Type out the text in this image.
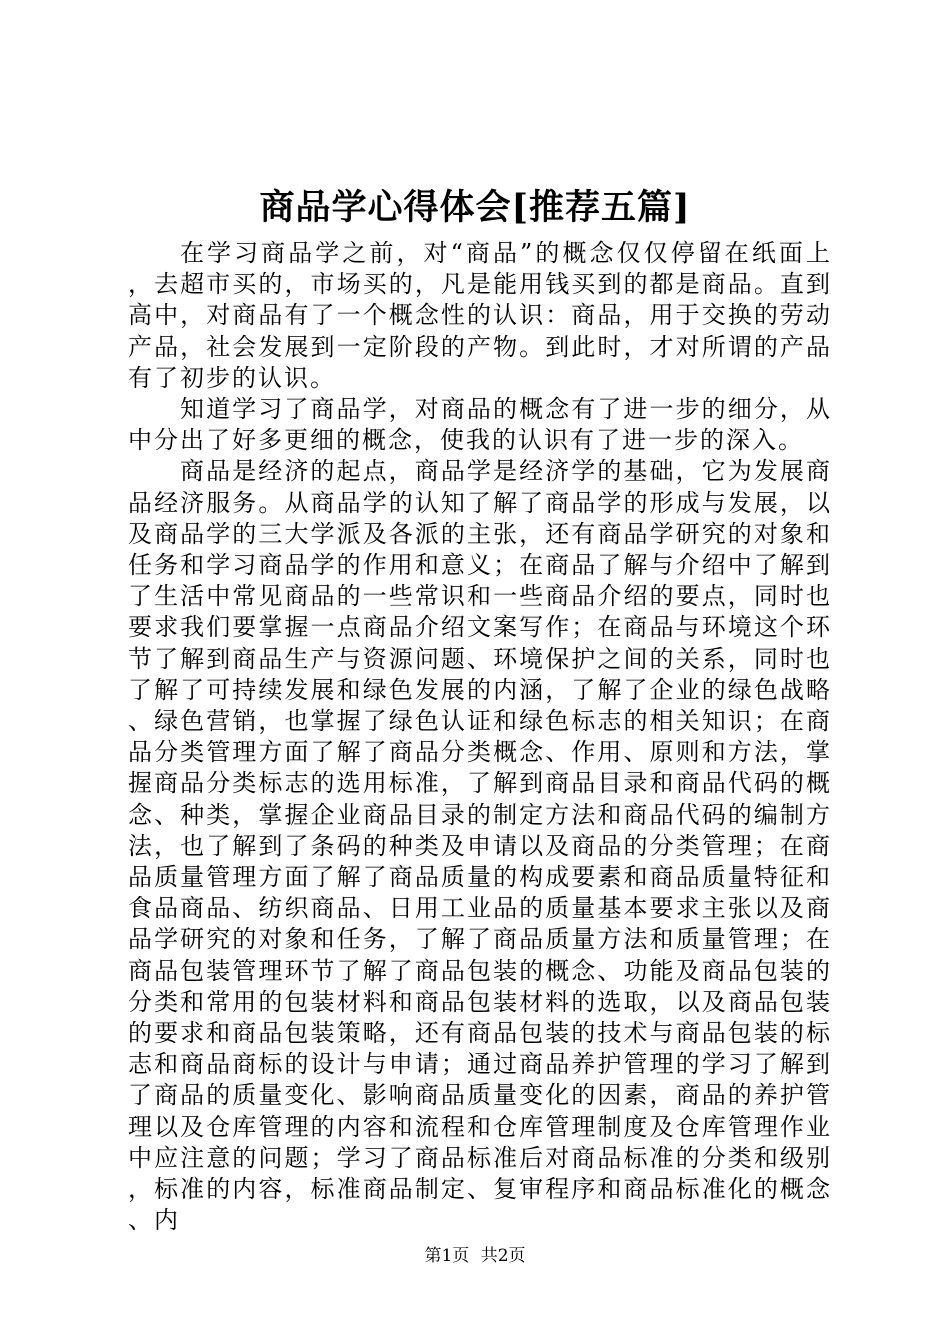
商品学心得体会[推荐五篇]

在学习商品学之前，对“商品”的概念仅仅停留在纸面上，去超市买的，市场买的，凡是能用钱买到的都是商品。直到高中，对商品有了一个概念性的认识：商品，用于交换的劳动产品，社会发展到一定阶段的产物。到此时，才对所谓的产品有了初步的认识。

知道学习了商品学，对商品的概念有了进一步的细分，从中分出了好多更细的概念，使我的认识有了进一步的深入。

商品是经济的起点，商品学是经济学的基础，它为发展商品经济服务。从商品学的认知了解了商品学的形成与发展，以及商品学的三大学派及各派的主张，还有商品学研究的对象和任务和学习商品学的作用和意义；在商品了解与介绍中了解到了生活中常见商品的一些常识和一些商品介绍的要点，同时也要求我们要掌握一点商品介绍文案写作；在商品与环境这个环节了解到商品生产与资源问题、环境保护之间的关系，同时也了解了可持续发展和绿色发展的内涵，了解了企业的绿色战略、绿色营销，也掌握了绿色认证和绿色标志的相关知识；在商品分类管理方面了解了商品分类概念、作用、原则和方法，掌握商品分类标志的选用标准，了解到商品目录和商品代码的概念、种类，掌握企业商品目录的制定方法和商品代码的编制方法，也了解到了条码的种类及申请以及商品的分类管理；在商品质量管理方面了解了商品质量的构成要素和商品质量特征和食品商品、纺织商品、日用工业品的质量基本要求主张以及商品学研究的对象和任务，了解了商品质量方法和质量管理；在商品包装管理环节了解了商品包装的概念、功能及商品包装的分类和常用的包装材料和商品包装材料的选取，以及商品包装的要求和商品包装策略，还有商品包装的技术与商品包装的标志和商品商标的设计与申请；通过商品养护管理的学习了解到了商品的质量变化、影响商品质量变化的因素，商品的养护管理以及仓库管理的内容和流程和仓库管理制度及仓库管理作业中应注意的问题；学习了商品标准后对商品标准的分类和级别，标准的内容，标准商品制定、复审程序和商品标准化的概念、内

第1页 共2页
